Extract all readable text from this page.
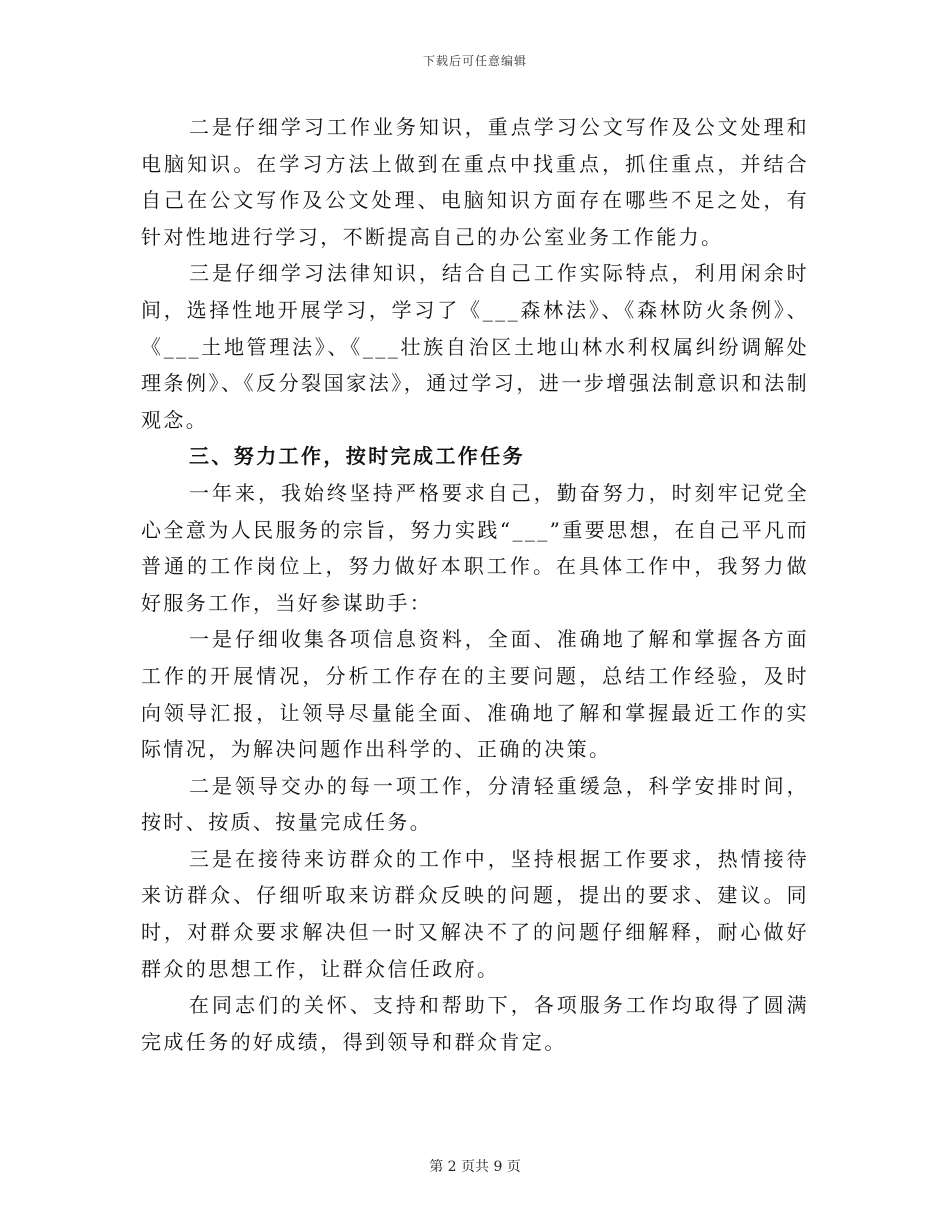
下载后可任意编辑

二是仔细学习工作业务知识，重点学习公文写作及公文处理和电脑知识。在学习方法上做到在重点中找重点，抓住重点，并结合自己在公文写作及公文处理、电脑知识方面存在哪些不足之处，有针对性地进行学习，不断提高自己的办公室业务工作能力。

三是仔细学习法律知识，结合自己工作实际特点，利用闲余时间，选择性地开展学习，学习了《___森林法》、《森林防火条例》、《___土地管理法》、《___壮族自治区土地山林水利权属纠纷调解处理条例》、《反分裂国家法》，通过学习，进一步增强法制意识和法制观念。

三、努力工作，按时完成工作任务

一年来，我始终坚持严格要求自己，勤奋努力，时刻牢记党全心全意为人民服务的宗旨，努力实践“___”重要思想，在自己平凡而普通的工作岗位上，努力做好本职工作。在具体工作中，我努力做好服务工作，当好参谋助手：

一是仔细收集各项信息资料，全面、准确地了解和掌握各方面工作的开展情况，分析工作存在的主要问题，总结工作经验，及时向领导汇报，让领导尽量能全面、准确地了解和掌握最近工作的实际情况，为解决问题作出科学的、正确的决策。

二是领导交办的每一项工作，分清轻重缓急，科学安排时间，按时、按质、按量完成任务。

三是在接待来访群众的工作中，坚持根据工作要求，热情接待来访群众、仔细听取来访群众反映的问题，提出的要求、建议。同时，对群众要求解决但一时又解决不了的问题仔细解释，耐心做好群众的思想工作，让群众信任政府。

在同志们的关怀、支持和帮助下，各项服务工作均取得了圆满完成任务的好成绩，得到领导和群众肯定。

第 2 页共 9 页
